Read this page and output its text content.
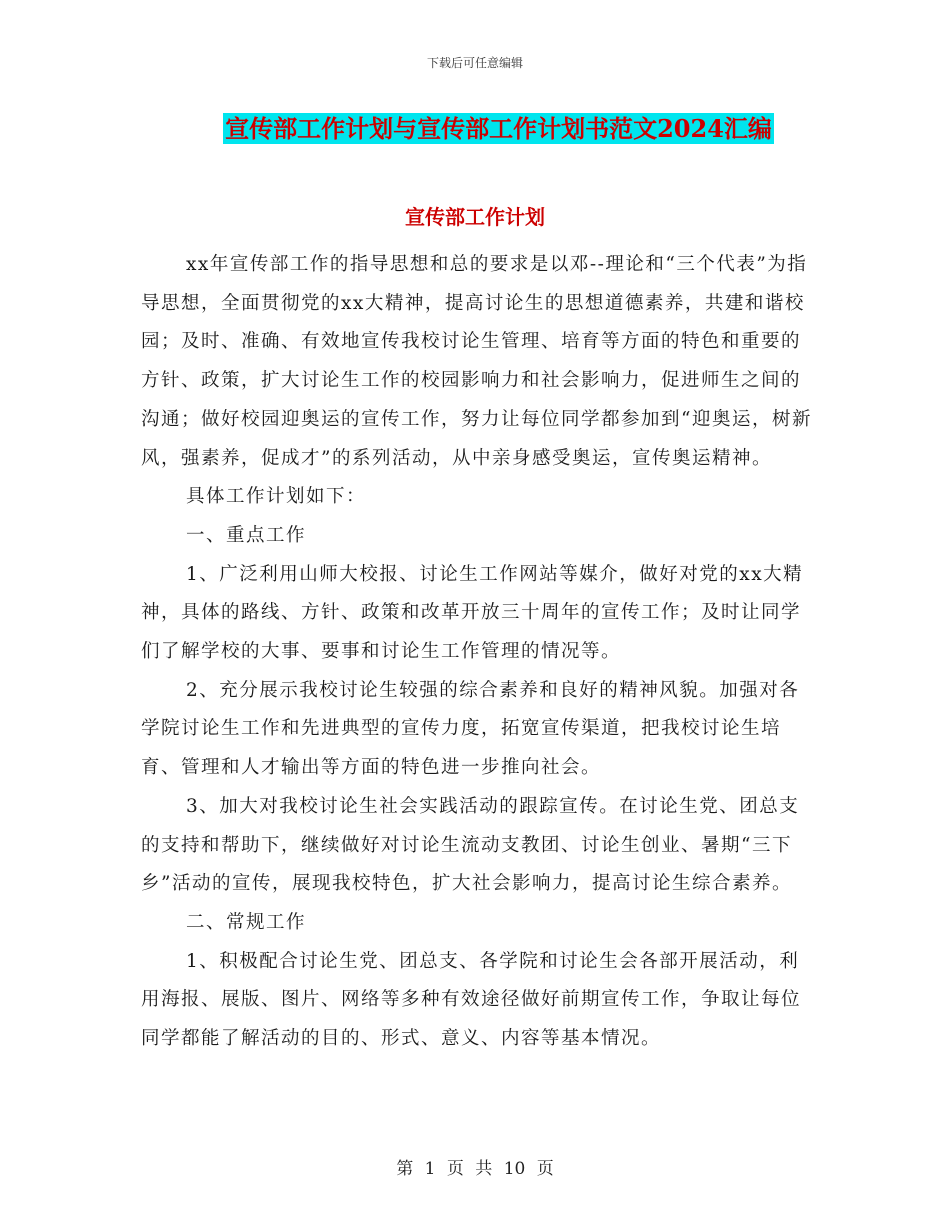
下载后可任意编辑
宣传部工作计划与宣传部工作计划书范文2024汇编
宣传部工作计划

xx年宣传部工作的指导思想和总的要求是以邓--理论和“三个代表”为指导思想，全面贯彻党的xx大精神，提高讨论生的思想道德素养，共建和谐校园；及时、准确、有效地宣传我校讨论生管理、培育等方面的特色和重要的方针、政策，扩大讨论生工作的校园影响力和社会影响力，促进师生之间的沟通；做好校园迎奥运的宣传工作，努力让每位同学都参加到“迎奥运，树新风，强素养，促成才”的系列活动，从中亲身感受奥运，宣传奥运精神。

具体工作计划如下：

一、重点工作

1、广泛利用山师大校报、讨论生工作网站等媒介，做好对党的xx大精神，具体的路线、方针、政策和改革开放三十周年的宣传工作；及时让同学们了解学校的大事、要事和讨论生工作管理的情况等。

2、充分展示我校讨论生较强的综合素养和良好的精神风貌。加强对各学院讨论生工作和先进典型的宣传力度，拓宽宣传渠道，把我校讨论生培育、管理和人才输出等方面的特色进一步推向社会。

3、加大对我校讨论生社会实践活动的跟踪宣传。在讨论生党、团总支的支持和帮助下，继续做好对讨论生流动支教团、讨论生创业、暑期“三下乡”活动的宣传，展现我校特色，扩大社会影响力，提高讨论生综合素养。

二、常规工作

1、积极配合讨论生党、团总支、各学院和讨论生会各部开展活动，利用海报、展版、图片、网络等多种有效途径做好前期宣传工作，争取让每位同学都能了解活动的目的、形式、意义、内容等基本情况。

第 1 页 共 10 页
